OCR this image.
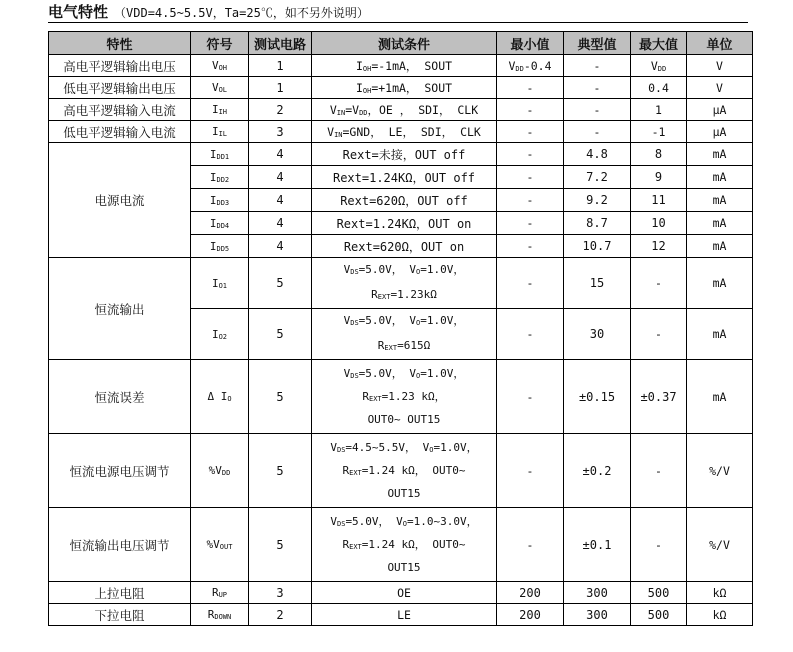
电气特性 （VDD=4.5~5.5V，Ta=25℃，如不另外说明）
特性	符号	测试电路	测试条件	最小值	典型值	最大值	单位
高电平逻辑输出电压	VOH	1	IOH=-1mA， SOUT	VDD-0.4	-	VDD	V
低电平逻辑输出电压	VOL	1	IOH=+1mA， SOUT	-	-	0.4	V
高电平逻辑输入电流	IIH	2	VIN=VDD，OE ， SDI， CLK	-	-	1	μA
低电平逻辑输入电流	IIL	3	VIN=GND， LE， SDI， CLK	-	-	-1	μA
电源电流	IDD1	4	Rext=未接，OUT off	-	4.8	8	mA
	IDD2	4	Rext=1.24KΩ，OUT off	-	7.2	9	mA
	IDD3	4	Rext=620Ω，OUT off	-	9.2	11	mA
	IDD4	4	Rext=1.24KΩ，OUT on	-	8.7	10	mA
	IDD5	4	Rext=620Ω，OUT on	-	10.7	12	mA
恒流输出	IO1	5	VDS=5.0V， VO=1.0V，
REXT=1.23kΩ	-	15	-	mA
	IO2	5	VDS=5.0V， VO=1.0V，
REXT=615Ω	-	30	-	mA
恒流误差	Δ IO	5	VDS=5.0V， VO=1.0V，
REXT=1.23 kΩ，
OUT0~ OUT15	-	±0.15	±0.37	mA
恒流电源电压调节	%VDD	5	VDS=4.5~5.5V， VO=1.0V，
REXT=1.24 kΩ， OUT0~
OUT15	-	±0.2	-	%/V
恒流输出电压调节	%VOUT	5	VDS=5.0V， VO=1.0~3.0V，
REXT=1.24 kΩ， OUT0~
OUT15	-	±0.1	-	%/V
上拉电阻	RUP	3	OE	200	300	500	kΩ
下拉电阻	RDOWN	2	LE	200	300	500	kΩ
